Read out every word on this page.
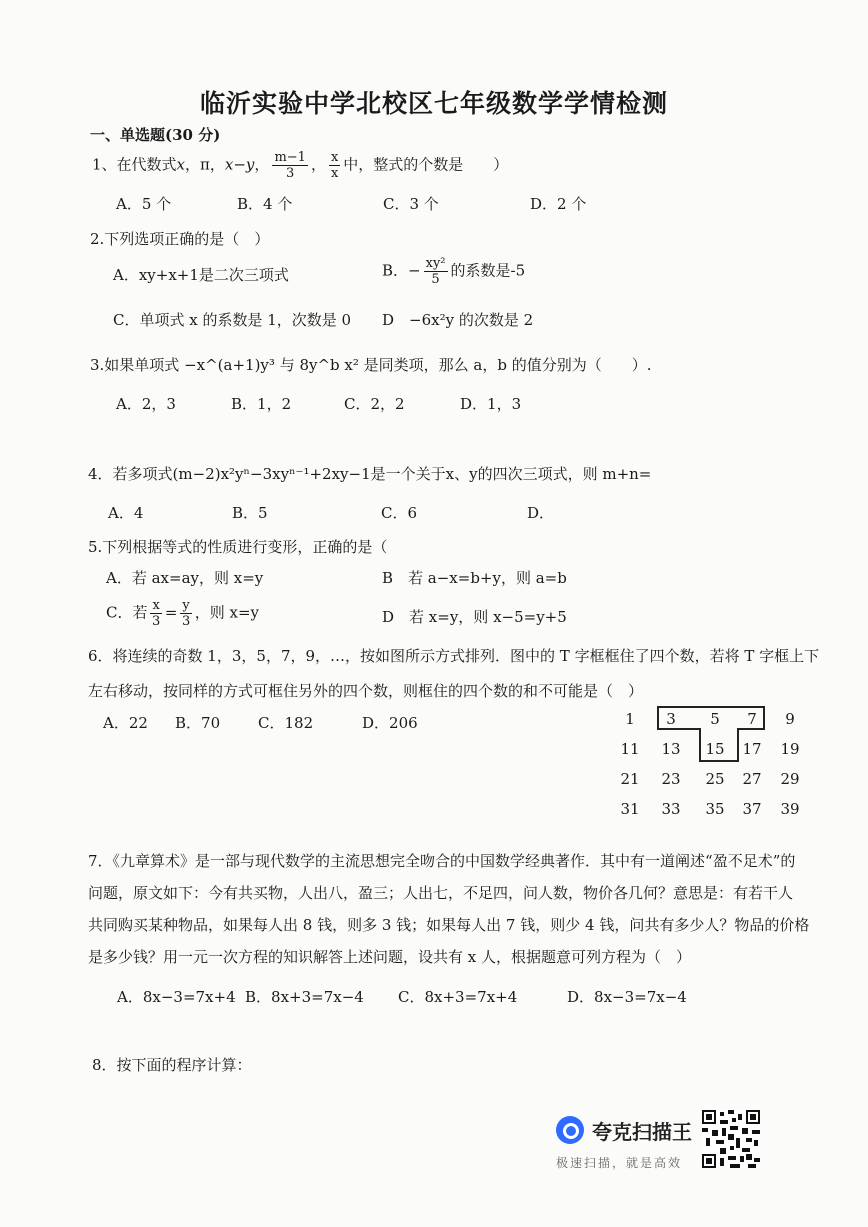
临沂实验中学北校区七年级数学学情检测
一、单选题(30 分)
1、在代数式x，π，x−y， $\frac{m-1}{3}$ ， $\frac{x}{x}$ 中，整式的个数是　　）
A．5 个	B．4 个	C．3 个	D．2 个
2.下列选项正确的是（　）
A．xy+x+1是二次三项式	B．− $\frac{\text{xy²}}{5}$ 的系数是-5
C．单项式 x 的系数是 1，次数是 0 D　−6x²y 的次数是 2
3.如果单项式 −x^(a+1)y³ 与 8y^b x² 是同类项，那么 a，b 的值分别为（　　）.
A．2，3	B．1，2	C．2，2	D．1，3
4．若多项式(m−2)x²yⁿ−3xyⁿ⁻¹+2xy−1是一个关于x、y的四次三项式，则 m+n=
A．4	B．5	C．6	D．
5.下列根据等式的性质进行变形，正确的是（
A．若 ax=ay，则 x=y	B　若 a−x=b+y，则 a=b
C．若 $\frac{x}{3} = \frac{y}{3}$ ，则 x=y	D　若 x=y，则 x−5=y+5
6．将连续的奇数 1，3，5，7，9，…，按如图所示方式排列．图中的 T 字框框住了四个数，若将 T 字框上下
左右移动，按同样的方式可框住另外的四个数，则框住的四个数的和不可能是（　）
A．22 B．70	C．182	D．206	1	3	5	7	9
11	13	15	17	19
21	23	25	27	29
31	33	35	37	39
7．《九章算术》是一部与现代数学的主流思想完全吻合的中国数学经典著作．其中有一道阐述“盈不足术”的
问题，原文如下：今有共买物，人出八，盈三；人出七，不足四，问人数，物价各几何？意思是：有若干人
共同购买某种物品，如果每人出 8 钱，则多 3 钱；如果每人出 7 钱，则少 4 钱，问共有多少人？物品的价格
是多少钱？用一元一次方程的知识解答上述问题，设共有 x 人，根据题意可列方程为（　）
A．8x−3=7x+4 B．8x+3=7x−4 C．8x+3=7x+4	D．8x−3=7x−4
8．按下面的程序计算：
夸克扫描王
极速扫描，就是高效
